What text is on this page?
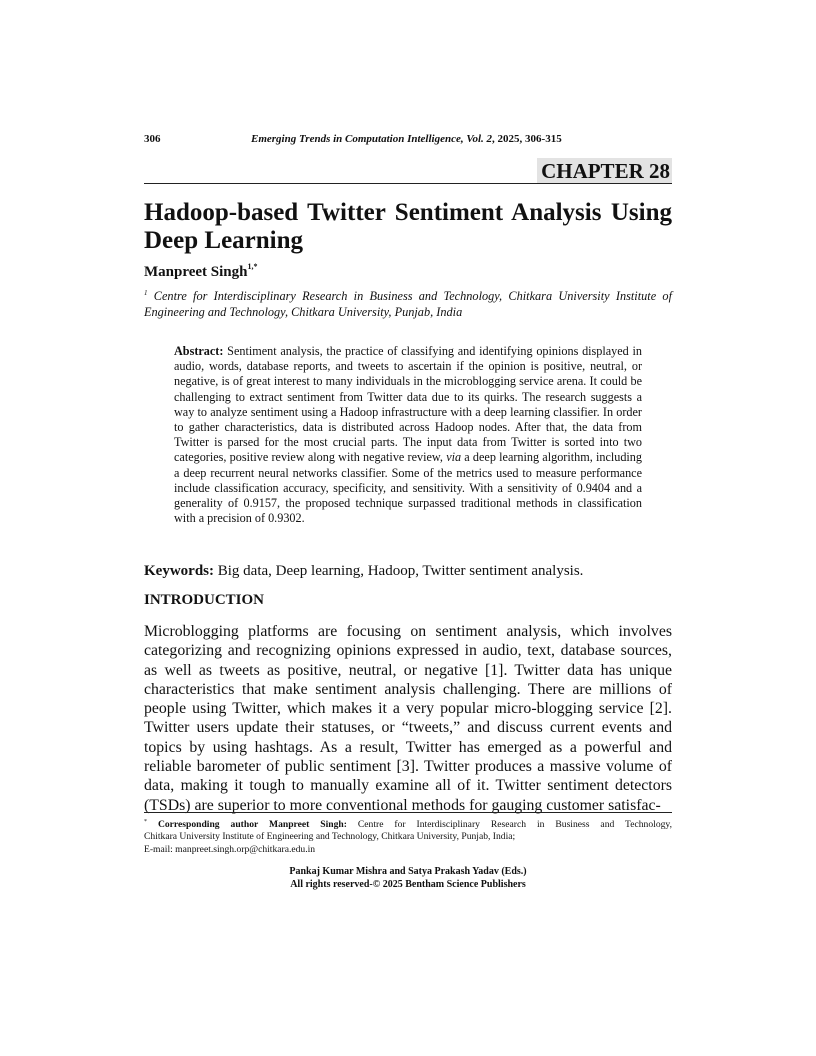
306	Emerging Trends in Computation Intelligence, Vol. 2, 2025, 306-315
CHAPTER 28
Hadoop-based Twitter Sentiment Analysis Using
Deep Learning
Manpreet Singh$^{1,*}$
$^1$ Centre for Interdisciplinary Research in Business and Technology, Chitkara University Institute of Engineering and Technology, Chitkara University, Punjab, India
Abstract: Sentiment analysis, the practice of classifying and identifying opinions displayed in audio, words, database reports, and tweets to ascertain if the opinion is positive, neutral, or negative, is of great interest to many individuals in the microblogging service arena. It could be challenging to extract sentiment from Twitter data due to its quirks. The research suggests a way to analyze sentiment using a Hadoop infrastructure with a deep learning classifier. In order to gather characteristics, data is distributed across Hadoop nodes. After that, the data from Twitter is parsed for the most crucial parts. The input data from Twitter is sorted into two categories, positive review along with negative review, via a deep learning algorithm, including a deep recurrent neural networks classifier. Some of the metrics used to measure performance include classification accuracy, specificity, and sensitivity. With a sensitivity of 0.9404 and a generality of 0.9157, the proposed technique surpassed traditional methods in classification with a precision of 0.9302.
Keywords: Big data, Deep learning, Hadoop, Twitter sentiment analysis.
INTRODUCTION
Microblogging platforms are focusing on sentiment analysis, which involves categorizing and recognizing opinions expressed in audio, text, database sources, as well as tweets as positive, neutral, or negative [1]. Twitter data has unique characteristics that make sentiment analysis challenging. There are millions of people using Twitter, which makes it a very popular micro-blogging service [2]. Twitter users update their statuses, or “tweets,” and discuss current events and topics by using hashtags. As a result, Twitter has emerged as a powerful and reliable barometer of public sentiment [3]. Twitter produces a massive volume of data, making it tough to manually examine all of it. Twitter sentiment detectors (TSDs) are superior to more conventional methods for gauging customer satisfac-
* Corresponding author Manpreet Singh: Centre for Interdisciplinary Research in Business and Technology,
Chitkara University Institute of Engineering and Technology, Chitkara University, Punjab, India;
E-mail: manpreet.singh.orp@chitkara.edu.in
Pankaj Kumar Mishra and Satya Prakash Yadav (Eds.)
All rights reserved-© 2025 Bentham Science Publishers
